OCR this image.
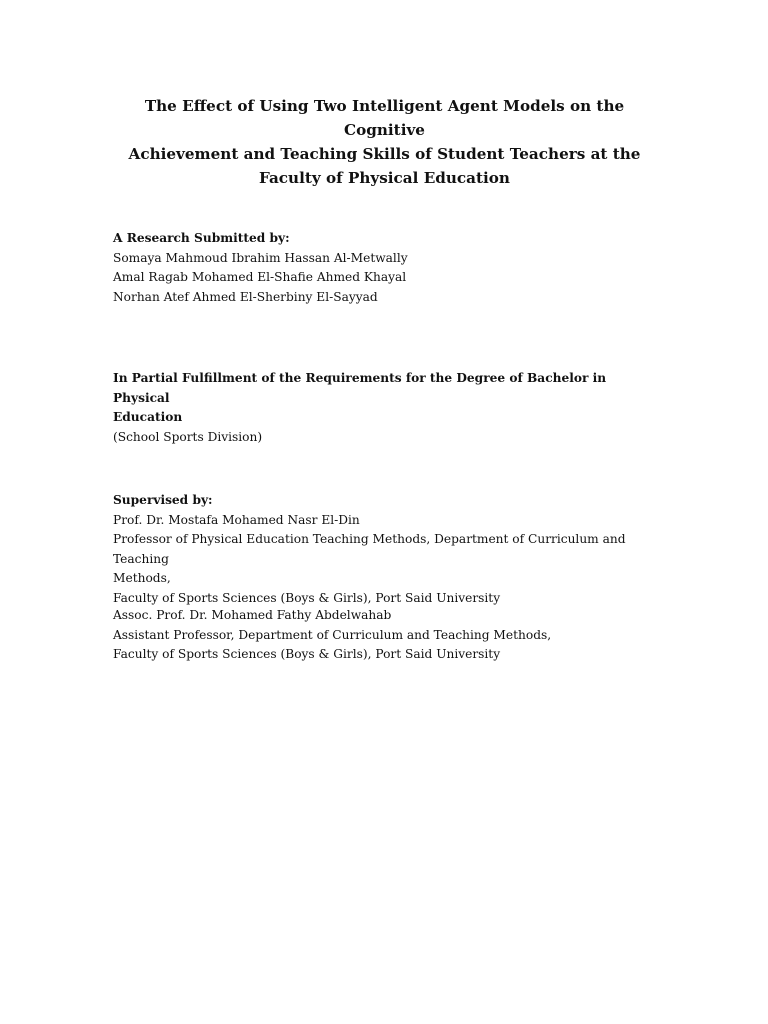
The Effect of Using Two Intelligent Agent Models on the Cognitive
Achievement and Teaching Skills of Student Teachers at the
Faculty of Physical Education
A Research Submitted by:
Somaya Mahmoud Ibrahim Hassan Al-Metwally
Amal Ragab Mohamed El-Shafie Ahmed Khayal
Norhan Atef Ahmed El-Sherbiny El-Sayyad
In Partial Fulfillment of the Requirements for the Degree of Bachelor in Physical
Education
(School Sports Division)
Supervised by:
Prof. Dr. Mostafa Mohamed Nasr El-Din
Professor of Physical Education Teaching Methods, Department of Curriculum and Teaching
Methods,
Faculty of Sports Sciences (Boys & Girls), Port Said University
Assoc. Prof. Dr. Mohamed Fathy Abdelwahab
Assistant Professor, Department of Curriculum and Teaching Methods,
Faculty of Sports Sciences (Boys & Girls), Port Said University
